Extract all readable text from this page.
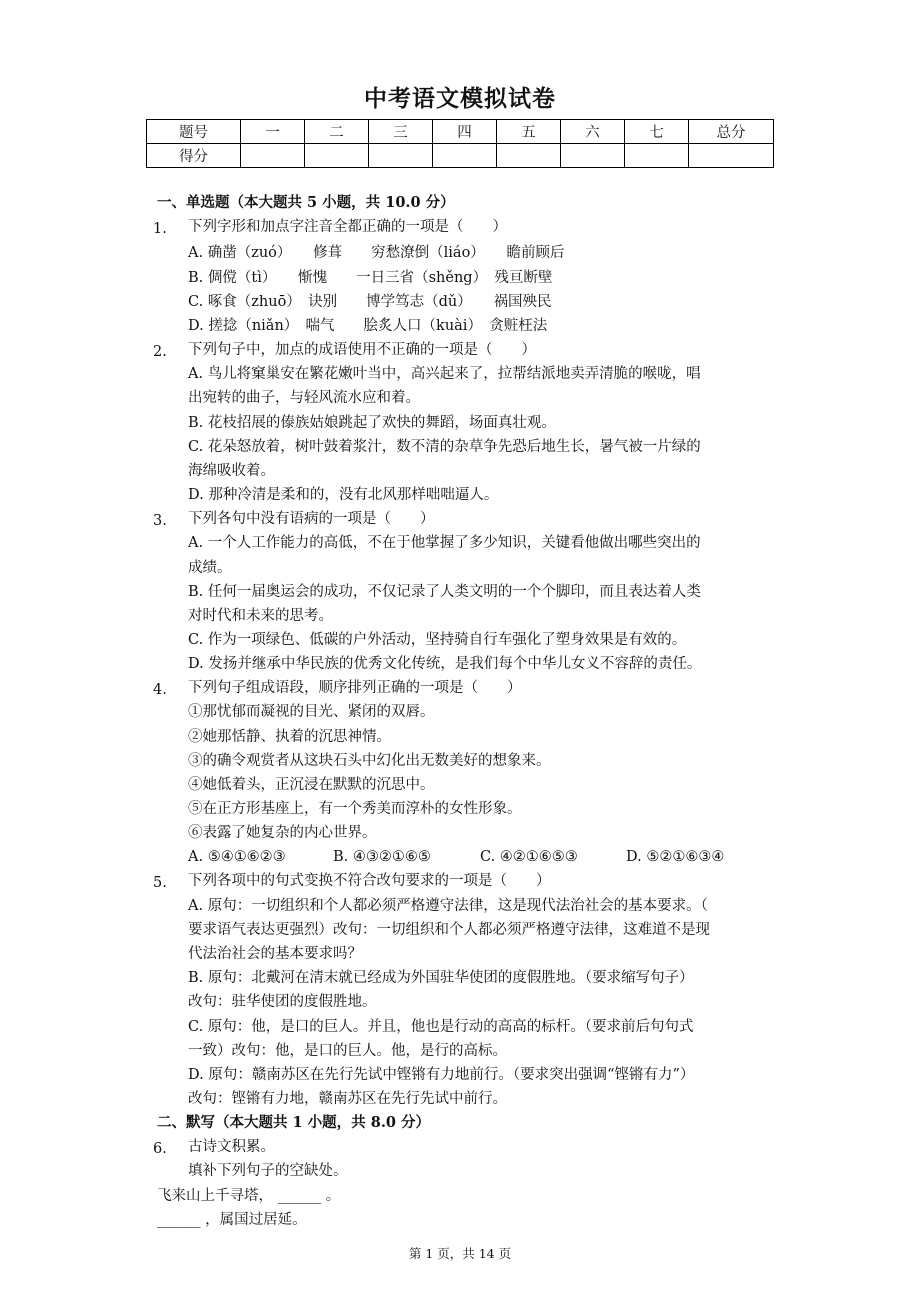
中考语文模拟试卷
题号	一	二	三	四	五	六	七	总分
得分								
一、单选题（本大题共 5 小题，共 10.0 分）
1. 下列字形和加点字注音全都正确的一项是（　　）
A. 确凿（zuó）　　修葺　　穷愁潦倒（liáo）　　瞻前顾后
B. 倜傥（tì）　　惭愧　　一日三省（shěng）　残亘断壁
C. 啄食（zhuō）　诀别　　博学笃志（dǔ）　　祸国殃民
D. 搓捻（niǎn）　喘气　　脍炙人口（kuài）　贪赃枉法
2. 下列句子中，加点的成语使用不正确的一项是（　　）
A. 鸟儿将窠巢安在繁花嫩叶当中，高兴起来了，拉帮结派地卖弄清脆的喉咙，唱
出宛转的曲子，与轻风流水应和着。
B. 花枝招展的傣族姑娘跳起了欢快的舞蹈，场面真壮观。
C. 花朵怒放着，树叶鼓着浆汁，数不清的杂草争先恐后地生长，暑气被一片绿的
海绵吸收着。
D. 那种冷清是柔和的，没有北风那样咄咄逼人。
3. 下列各句中没有语病的一项是（　　）
A. 一个人工作能力的高低，不在于他掌握了多少知识，关键看他做出哪些突出的
成绩。
B. 任何一届奥运会的成功，不仅记录了人类文明的一个个脚印，而且表达着人类
对时代和未来的思考。
C. 作为一项绿色、低碳的户外活动，坚持骑自行车强化了塑身效果是有效的。
D. 发扬并继承中华民族的优秀文化传统，是我们每个中华儿女义不容辞的责任。
4. 下列句子组成语段，顺序排列正确的一项是（　　）
①那忧郁而凝视的目光、紧闭的双唇。
②她那恬静、执着的沉思神情。
③的确令观赏者从这块石头中幻化出无数美好的想象来。
④她低着头，正沉浸在默默的沉思中。
⑤在正方形基座上，有一个秀美而淳朴的女性形象。
⑥表露了她复杂的内心世界。
A. ⑤④①⑥②③	B. ④③②①⑥⑤	C. ④②①⑥⑤③	D. ⑤②①⑥③④
5. 下列各项中的句式变换不符合改句要求的一项是（　　）
A. 原句：一切组织和个人都必须严格遵守法律，这是现代法治社会的基本要求。（
要求语气表达更强烈）改句：一切组织和个人都必须严格遵守法律，这难道不是现
代法治社会的基本要求吗？
B. 原句：北戴河在清末就已经成为外国驻华使团的度假胜地。（要求缩写句子）
改句：驻华使团的度假胜地。
C. 原句：他，是口的巨人。并且，他也是行动的高高的标杆。（要求前后句句式
一致）改句：他，是口的巨人。他，是行的高标。
D. 原句：赣南苏区在先行先试中铿锵有力地前行。（要求突出强调“铿锵有力”）
改句：铿锵有力地，赣南苏区在先行先试中前行。
二、默写（本大题共 1 小题，共 8.0 分）
6. 古诗文积累。
填补下列句子的空缺处。
飞来山上千寻塔， ______ 。
______ ，属国过居延。
第 1 页，共 14 页
